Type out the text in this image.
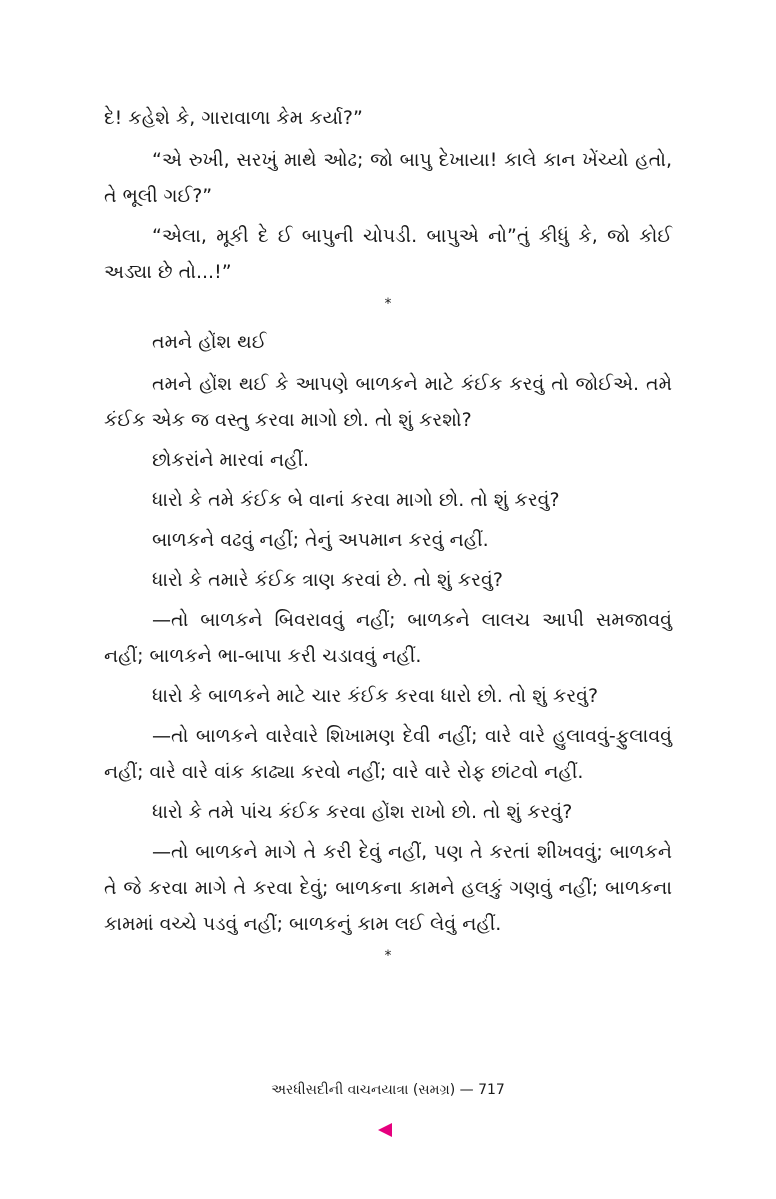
દે! કહેશે કે, ગારાવાળા કેમ કર્યા?”

“એ રુખી, સરખું માથે ઓઢ; જો બાપુ દેખાયા! કાલે કાન ખેંચ્યો હતો, તે ભૂલી ગઈ?”

“એલા, મૂકી દે ઈ બાપુની ચોપડી. બાપુએ નો”તું કીધું કે, જો કોઈ અડ્યા છે તો...!”

*

તમને હોંશ થઈ

તમને હોંશ થઈ કે આપણે બાળકને માટે કંઈક કરવું તો જોઈએ. તમે કંઈક એક જ વસ્તુ કરવા માગો છો. તો શું કરશો?

છોકરાંને મારવાં નહીં.

ધારો કે તમે કંઈક બે વાનાં કરવા માગો છો. તો શું કરવું?

બાળકને વઢવું નહીં; તેનું અપમાન કરવું નહીં.

ધારો કે તમારે કંઈક ત્રાણ કરવાં છે. તો શું કરવું?

—તો બાળકને બિવરાવવું નહીં; બાળકને લાલચ આપી સમજાવવું નહીં; બાળકને ભા-બાપા કરી ચડાવવું નહીં.

ધારો કે બાળકને માટે ચાર કંઈક કરવા ધારો છો. તો શું કરવું?

—તો બાળકને વારેવારે શિખામણ દેવી નહીં; વારે વારે હુલાવવું-ફુલાવવું નહીં; વારે વારે વાંક કાઢ્યા કરવો નહીં; વારે વારે રોફ છાંટવો નહીં.

ધારો કે તમે પાંચ કંઈક કરવા હોંશ રાખો છો. તો શું કરવું?

—તો બાળકને માગે તે કરી દેવું નહીં, પણ તે કરતાં શીખવવું; બાળકને તે જે કરવા માગે તે કરવા દેવું; બાળકના કામને હલકું ગણવું નહીં; બાળકના કામમાં વચ્ચે પડવું નહીં; બાળકનું કામ લઈ લેવું નહીં.

*
અરધીસદીની વાચનયાત્રા (સમગ્ર) — 717
